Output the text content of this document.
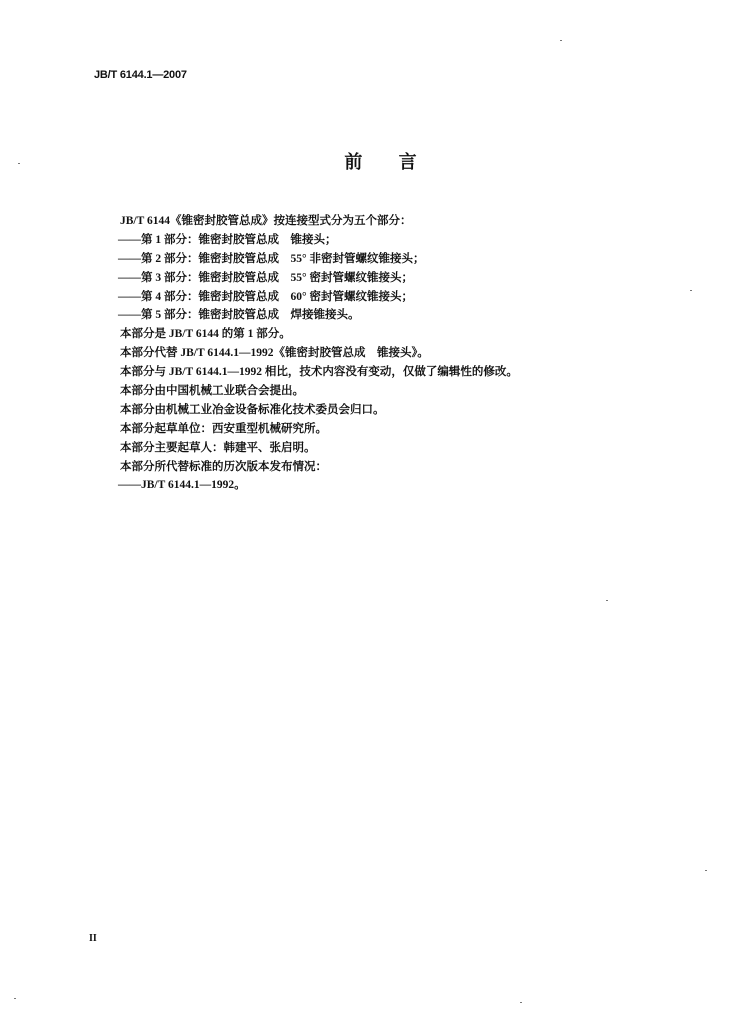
JB/T 6144.1—2007
前 言
JB/T 6144《锥密封胶管总成》按连接型式分为五个部分：
——第 1 部分：锥密封胶管总成　锥接头；
——第 2 部分：锥密封胶管总成　55° 非密封管螺纹锥接头；
——第 3 部分：锥密封胶管总成　55° 密封管螺纹锥接头；
——第 4 部分：锥密封胶管总成　60° 密封管螺纹锥接头；
——第 5 部分：锥密封胶管总成　焊接锥接头。
本部分是 JB/T 6144 的第 1 部分。
本部分代替 JB/T 6144.1—1992《锥密封胶管总成　锥接头》。
本部分与 JB/T 6144.1—1992 相比，技术内容没有变动，仅做了编辑性的修改。
本部分由中国机械工业联合会提出。
本部分由机械工业冶金设备标准化技术委员会归口。
本部分起草单位：西安重型机械研究所。
本部分主要起草人：韩建平、张启明。
本部分所代替标准的历次版本发布情况：
——JB/T 6144.1—1992。
II
